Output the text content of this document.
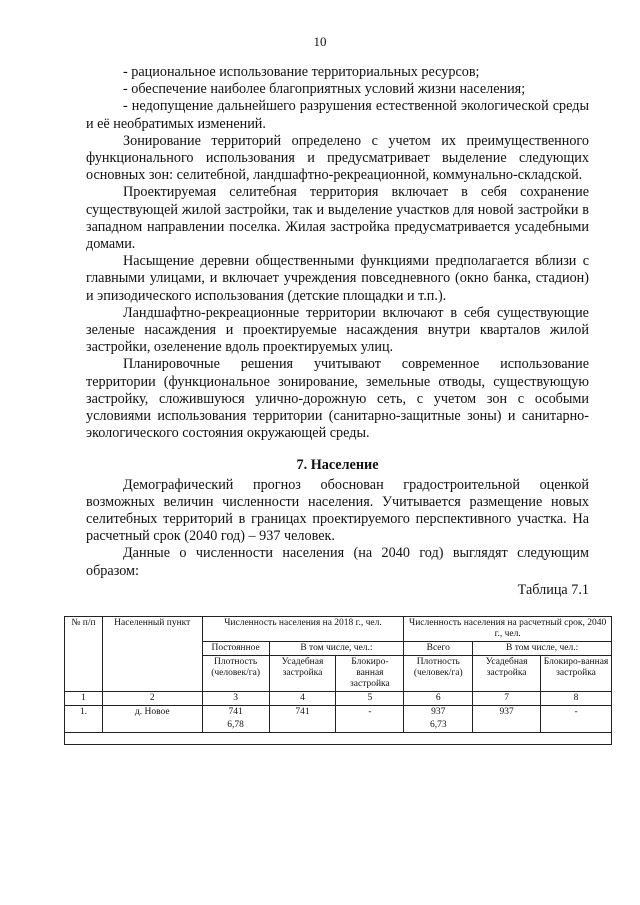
10

- рациональное использование территориальных ресурсов;

- обеспечение наиболее благоприятных условий жизни населения;

- недопущение дальнейшего разрушения естественной экологической среды и её необратимых изменений.

Зонирование территорий определено с учетом их преимущественного функционального использования и предусматривает выделение следующих основных зон: селитебной, ландшафтно-рекреационной, коммунально-складской.

Проектируемая селитебная территория включает в себя сохранение существующей жилой застройки, так и выделение участков для новой застройки в западном направлении поселка. Жилая застройка предусматривается усадебными домами.

Насыщение деревни общественными функциями предполагается вблизи с главными улицами, и включает учреждения повседневного (окно банка, стадион) и эпизодического использования (детские площадки и т.п.).

Ландшафтно-рекреационные территории включают в себя существующие зеленые насаждения и проектируемые насаждения внутри кварталов жилой застройки, озеленение вдоль проектируемых улиц.

Планировочные решения учитывают современное использование территории (функциональное зонирование, земельные отводы, существующую застройку, сложившуюся улично-дорожную сеть, с учетом зон с особыми условиями использования территории (санитарно-защитные зоны) и санитарно-экологического состояния окружающей среды.

7. Население

Демографический прогноз обоснован градостроительной оценкой возможных величин численности населения. Учитывается размещение новых селитебных территорий в границах проектируемого перспективного участка. На расчетный срок (2040 год) – 937 человек.

Данные о численности населения (на 2040 год) выглядят следующим образом:

Таблица 7.1

№ п/п	Населенный пункт	Численность населения на 2018 г., чел.			Численность населения на расчетный срок, 2040 г., чел.		
		Постоянное	В том числе, чел.:		Всего	В том числе, чел.:	
		Плотность (человек/га)	Усадебная застройка	Блокиро-ванная застройка	Плотность (человек/га)	Усадебная застройка	Блокиро-ванная застройка
1	2	3	4	5	6	7	8
1.	д. Новое	741	741	-	937	937	-
		6,78			6,73		
